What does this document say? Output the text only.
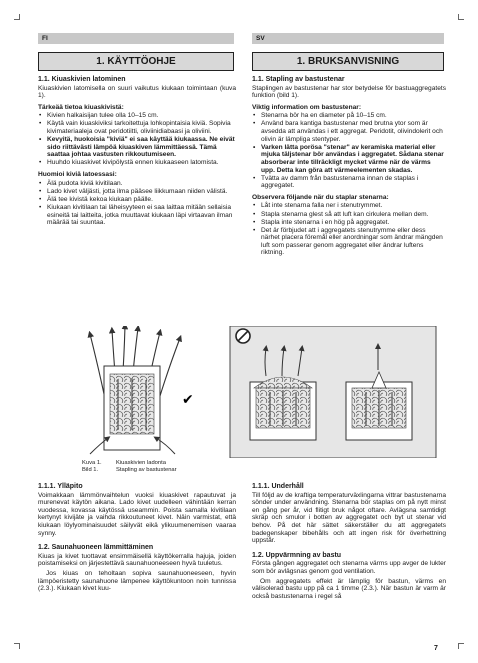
FI	SV
1. KÄYTTÖOHJE	1. BRUKSANVISNING
1.1. Kiuaskivien latominen

Kiuaskivien latomisella on suuri vaikutus kiukaan toimintaan (kuva 1).

Tärkeää tietoa kiuaskivistä:
• Kivien halkaisijan tulee olla 10–15 cm.
• Käytä vain kiuaskiviksi tarkoitettuja lohkopintaisia kiviä. Sopivia kivimateriaaleja ovat peridotiitti, oliviinidiabaasi ja oliviini.
• Kevyitä, huokoisia "kiviä" ei saa käyttää kiukaassa. Ne eivät sido riittävästi lämpöä kiuaskiven lämmittäessä. Tämä saattaa johtaa vastusten rikkoutumiseen.
• Huuhdo kiuaskivet kivipölystä ennen kiukaaseen latomista.
Huomioi kiviä latoessasi:
• Älä pudota kiviä kivitilaan.
• Lado kivet väljästi, jotta ilma pääsee liikkumaan niiden välistä.
• Älä tee kivistä kekoa kiukaan päälle.
• Kiukaan kivitilaan tai läheisyyteen ei saa laittaa mitään sellaisia esineitä tai laitteita, jotka muuttavat kiukaan läpi virtaavan ilman määrää tai suuntaa.
1.1. Stapling av bastustenar

Staplingen av bastustenar har stor betydelse för bastuaggregatets funktion (bild 1).

Viktig information om bastustenar:
• Stenarna bör ha en diameter på 10–15 cm.
• Använd bara kantiga bastustenar med brutna ytor som är avsedda att användas i ett aggregat. Peridotit, olivindolerit och olivin är lämpliga stentyper.
• Varken lätta porösa "stenar" av keramiska material eller mjuka täljstenar bör användas i aggregatet. Sådana stenar absorberar inte tillräckligt mycket värme när de värms upp. Detta kan göra att värmeelementen skadas.
• Tvätta av damm från bastustenarna innan de staplas i aggregatet.
Observera följande när du staplar stenarna:
• Låt inte stenarna falla ner i stenutrymmet.
• Stapla stenarna glest så att luft kan cirkulera mellan dem.
• Stapla inte stenarna i en hög på aggregatet.
• Det är förbjudet att i aggregatets stenutrymme eller dess närhet placera föremål eller anordningar som ändrar mängden luft som passerar genom aggregatet eller ändrar luftens riktning.
✔
Kuva 1. Kiuaskivien ladonta
Bild 1.	Stapling av bastustenar
1.1.1. Ylläpito

Voimakkaan lämmönvaihtelun vuoksi kiuaskivet rapautuvat ja murenevat käytön aikana. Lado kivet uudelleen vähintään kerran vuodessa, kovassa käytössä useammin. Poista samalla kivitilaan kertynyt kivijäte ja vaihda rikkoutuneet kivet. Näin varmistat, että kiukaan löylyominaisuudet säilyvät eikä ylikuumenemisen vaaraa synny.

1.2. Saunahuoneen lämmittäminen

Kiuas ja kivet tuottavat ensimmäisellä käyttökerralla hajuja, joiden poistamiseksi on järjestettävä saunahuoneeseen hyvä tuuletus.

Jos kiuas on teholtaan sopiva saunahuoneeseen, hyvin lämpöeristetty saunahuone lämpenee käyttökuntoon noin tunnissa (2.3.). Kiukaan kivet kuu-

1.1.1. Underhåll

Till följd av de kraftiga temperaturväxlingarna vittrar bastustenarna sönder under användning. Stenarna bör staplas om på nytt minst en gång per år, vid flitigt bruk något oftare. Avlägsna samtidigt skräp och smulor i botten av aggregatet och byt ut stenar vid behov. På det här sättet säkerställer du att aggregatets badegenskaper bibehålls och att ingen risk för överhettning uppstår.

1.2. Uppvärmning av bastu

Första gången aggregatet och stenarna värms upp avger de lukter som bör avlägsnas genom god ventilation.

Om aggregatets effekt är lämplig för bastun, värms en välisolerad bastu upp på ca 1 timme (2.3.). När bastun är varm är också bastustenarna i regel så

7
